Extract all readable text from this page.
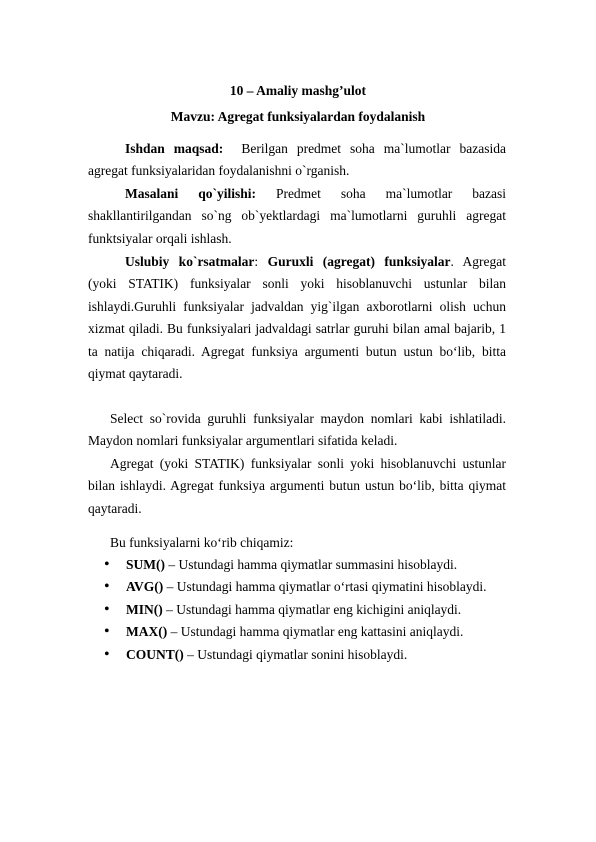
10 – Amaliy mashg’ulot
Mavzu: Agregat funksiyalardan foydalanish

Ishdan maqsad: Berilgan predmet soha ma`lumotlar bazasida agregat funksiyalaridan foydalanishni o`rganish.

Masalani qo`yilishi: Predmet soha ma`lumotlar bazasi shakllantirilgandan so`ng ob`yektlardagi ma`lumotlarni guruhli agregat funktsiyalar orqali ishlash.

Uslubiy ko`rsatmalar: Guruxli (agregat) funksiyalar. Agregat (yoki STATIK) funksiyalar sonli yoki hisoblanuvchi ustunlar bilan ishlaydi.Guruhli funksiyalar jadvaldan yig`ilgan axborotlarni olish uchun xizmat qiladi. Bu funksiyalari jadvaldagi satrlar guruhi bilan amal bajarib, 1 ta natija chiqaradi. Agregat funksiya argumenti butun ustun bo‘lib, bitta qiymat qaytaradi.

Select so`rovida guruhli funksiyalar maydon nomlari kabi ishlatiladi. Maydon nomlari funksiyalar argumentlari sifatida keladi.

Agregat (yoki STATIK) funksiyalar sonli yoki hisoblanuvchi ustunlar bilan ishlaydi. Agregat funksiya argumenti butun ustun bo‘lib, bitta qiymat qaytaradi.

Bu funksiyalarni ko‘rib chiqamiz:

• SUM() – Ustundagi hamma qiymatlar summasini hisoblaydi.
• AVG() – Ustundagi hamma qiymatlar o‘rtasi qiymatini hisoblaydi.
• MIN() – Ustundagi hamma qiymatlar eng kichigini aniqlaydi.
• MAX() – Ustundagi hamma qiymatlar eng kattasini aniqlaydi.
• COUNT() – Ustundagi qiymatlar sonini hisoblaydi.
